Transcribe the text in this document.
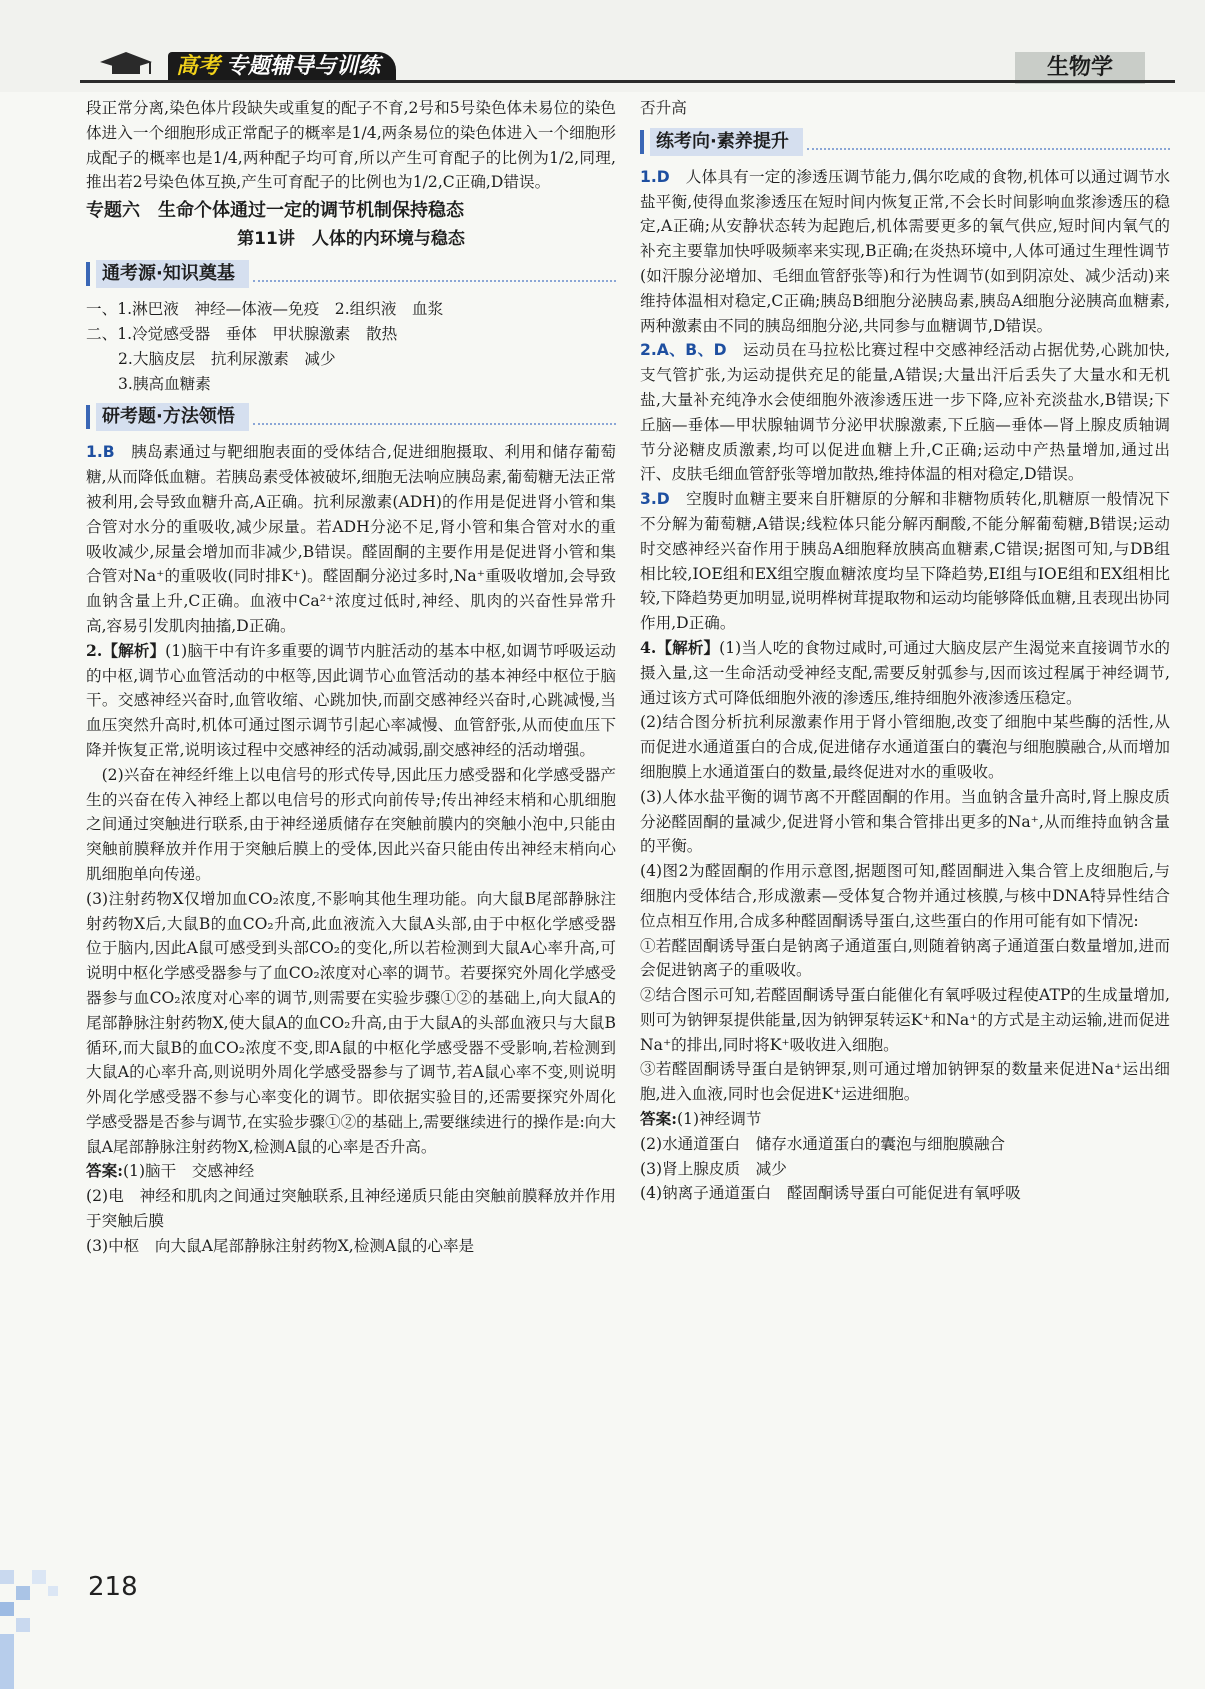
高考 专题辅导与训练	生物学

段正常分离,染色体片段缺失或重复的配子不育,2号和5号染色体未易位的染色体进入一个细胞形成正常配子的概率是1/4,两条易位的染色体进入一个细胞形成配子的概率也是1/4,两种配子均可育,所以产生可育配子的比例为1/2,同理,推出若2号染色体互换,产生可育配子的比例也为1/2,C正确,D错误。

专题六　生命个体通过一定的调节机制保持稳态
第11讲　人体的内环境与稳态
通考源·知识奠基

一、1.淋巴液　神经—体液—免疫　2.组织液　血浆

二、1.冷觉感受器　垂体　甲状腺激素　散热

2.大脑皮层　抗利尿激素　减少

3.胰高血糖素

研考题·方法领悟

1.B　 胰岛素通过与靶细胞表面的受体结合,促进细胞摄取、利用和储存葡萄糖,从而降低血糖。若胰岛素受体被破坏,细胞无法响应胰岛素,葡萄糖无法正常被利用,会导致血糖升高,A正确。抗利尿激素(ADH)的作用是促进肾小管和集合管对水分的重吸收,减少尿量。若ADH分泌不足,肾小管和集合管对水的重吸收减少,尿量会增加而非减少,B错误。醛固酮的主要作用是促进肾小管和集合管对Na⁺的重吸收(同时排K⁺)。醛固酮分泌过多时,Na⁺重吸收增加,会导致血钠含量上升,C正确。血液中Ca²⁺浓度过低时,神经、肌肉的兴奋性异常升高,容易引发肌肉抽搐,D正确。

2.【解析】(1)脑干中有许多重要的调节内脏活动的基本中枢,如调节呼吸运动的中枢,调节心血管活动的中枢等,因此调节心血管活动的基本神经中枢位于脑干。交感神经兴奋时,血管收缩、心跳加快,而副交感神经兴奋时,心跳减慢,当血压突然升高时,机体可通过图示调节引起心率减慢、血管舒张,从而使血压下降并恢复正常,说明该过程中交感神经的活动减弱,副交感神经的活动增强。

(2)兴奋在神经纤维上以电信号的形式传导,因此压力感受器和化学感受器产生的兴奋在传入神经上都以电信号的形式向前传导;传出神经末梢和心肌细胞之间通过突触进行联系,由于神经递质储存在突触前膜内的突触小泡中,只能由突触前膜释放并作用于突触后膜上的受体,因此兴奋只能由传出神经末梢向心肌细胞单向传递。

(3)注射药物X仅增加血CO₂浓度,不影响其他生理功能。向大鼠B尾部静脉注射药物X后,大鼠B的血CO₂升高,此血液流入大鼠A头部,由于中枢化学感受器位于脑内,因此A鼠可感受到头部CO₂的变化,所以若检测到大鼠A心率升高,可说明中枢化学感受器参与了血CO₂浓度对心率的调节。若要探究外周化学感受器参与血CO₂浓度对心率的调节,则需要在实验步骤①②的基础上,向大鼠A的尾部静脉注射药物X,使大鼠A的血CO₂升高,由于大鼠A的头部血液只与大鼠B循环,而大鼠B的血CO₂浓度不变,即A鼠的中枢化学感受器不受影响,若检测到大鼠A的心率升高,则说明外周化学感受器参与了调节,若A鼠心率不变,则说明外周化学感受器不参与心率变化的调节。即依据实验目的,还需要探究外周化学感受器是否参与调节,在实验步骤①②的基础上,需要继续进行的操作是:向大鼠A尾部静脉注射药物X,检测A鼠的心率是否升高。

答案:(1)脑干　交感神经

(2)电　神经和肌肉之间通过突触联系,且神经递质只能由突触前膜释放并作用于突触后膜

(3)中枢　向大鼠A尾部静脉注射药物X,检测A鼠的心率是

否升高

练考向·素养提升

1.D　 人体具有一定的渗透压调节能力,偶尔吃咸的食物,机体可以通过调节水盐平衡,使得血浆渗透压在短时间内恢复正常,不会长时间影响血浆渗透压的稳定,A正确;从安静状态转为起跑后,机体需要更多的氧气供应,短时间内氧气的补充主要靠加快呼吸频率来实现,B正确;在炎热环境中,人体可通过生理性调节(如汗腺分泌增加、毛细血管舒张等)和行为性调节(如到阴凉处、减少活动)来维持体温相对稳定,C正确;胰岛B细胞分泌胰岛素,胰岛A细胞分泌胰高血糖素,两种激素由不同的胰岛细胞分泌,共同参与血糖调节,D错误。

2.A、B、D　 运动员在马拉松比赛过程中交感神经活动占据优势,心跳加快,支气管扩张,为运动提供充足的能量,A错误;大量出汗后丢失了大量水和无机盐,大量补充纯净水会使细胞外液渗透压进一步下降,应补充淡盐水,B错误;下丘脑—垂体—甲状腺轴调节分泌甲状腺激素,下丘脑—垂体—肾上腺皮质轴调节分泌糖皮质激素,均可以促进血糖上升,C正确;运动中产热量增加,通过出汗、皮肤毛细血管舒张等增加散热,维持体温的相对稳定,D错误。

3.D　 空腹时血糖主要来自肝糖原的分解和非糖物质转化,肌糖原一般情况下不分解为葡萄糖,A错误;线粒体只能分解丙酮酸,不能分解葡萄糖,B错误;运动时交感神经兴奋作用于胰岛A细胞释放胰高血糖素,C错误;据图可知,与DB组相比较,IOE组和EX组空腹血糖浓度均呈下降趋势,EI组与IOE组和EX组相比较,下降趋势更加明显,说明桦树茸提取物和运动均能够降低血糖,且表现出协同作用,D正确。

4.【解析】(1)当人吃的食物过咸时,可通过大脑皮层产生渴觉来直接调节水的摄入量,这一生命活动受神经支配,需要反射弧参与,因而该过程属于神经调节,通过该方式可降低细胞外液的渗透压,维持细胞外液渗透压稳定。

(2)结合图分析抗利尿激素作用于肾小管细胞,改变了细胞中某些酶的活性,从而促进水通道蛋白的合成,促进储存水通道蛋白的囊泡与细胞膜融合,从而增加细胞膜上水通道蛋白的数量,最终促进对水的重吸收。

(3)人体水盐平衡的调节离不开醛固酮的作用。当血钠含量升高时,肾上腺皮质分泌醛固酮的量减少,促进肾小管和集合管排出更多的Na⁺,从而维持血钠含量的平衡。

(4)图2为醛固酮的作用示意图,据题图可知,醛固酮进入集合管上皮细胞后,与细胞内受体结合,形成激素—受体复合物并通过核膜,与核中DNA特异性结合位点相互作用,合成多种醛固酮诱导蛋白,这些蛋白的作用可能有如下情况:

①若醛固酮诱导蛋白是钠离子通道蛋白,则随着钠离子通道蛋白数量增加,进而会促进钠离子的重吸收。

②结合图示可知,若醛固酮诱导蛋白能催化有氧呼吸过程使ATP的生成量增加,则可为钠钾泵提供能量,因为钠钾泵转运K⁺和Na⁺的方式是主动运输,进而促进Na⁺的排出,同时将K⁺吸收进入细胞。

③若醛固酮诱导蛋白是钠钾泵,则可通过增加钠钾泵的数量来促进Na⁺运出细胞,进入血液,同时也会促进K⁺运进细胞。

答案:(1)神经调节

(2)水通道蛋白　储存水通道蛋白的囊泡与细胞膜融合

(3)肾上腺皮质　减少

(4)钠离子通道蛋白　醛固酮诱导蛋白可能促进有氧呼吸

218
